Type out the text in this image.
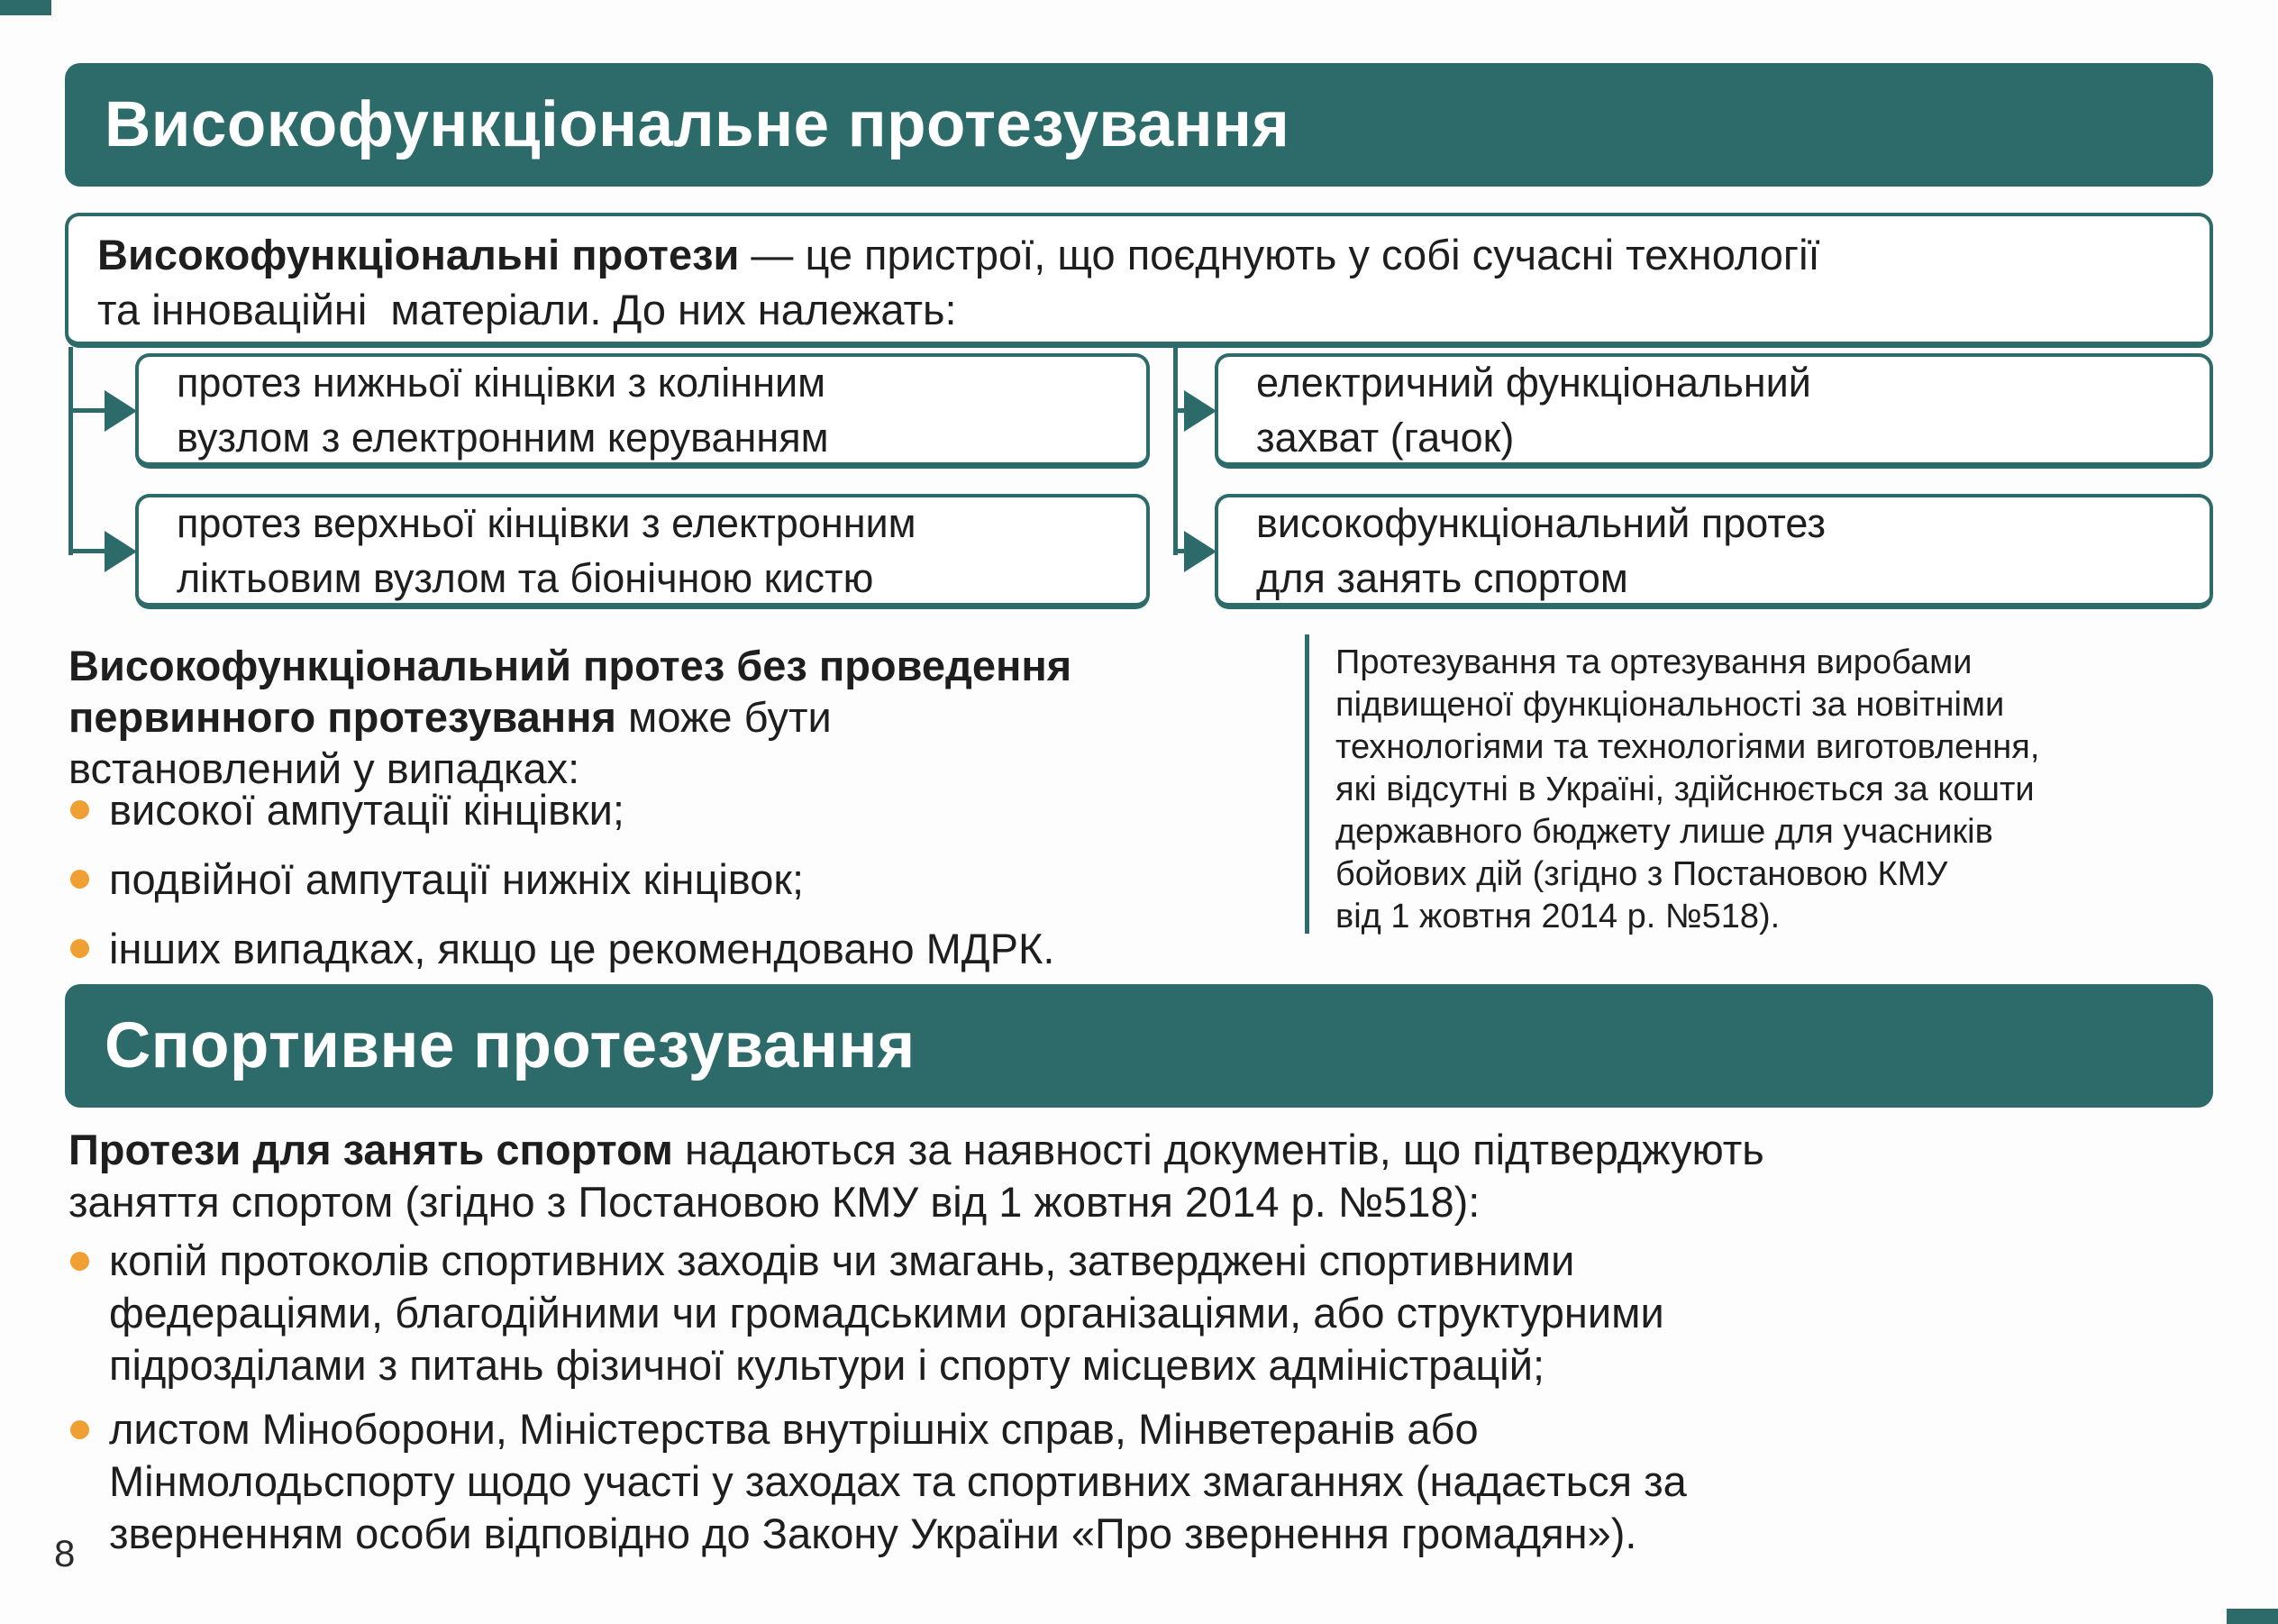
Високофункціональне протезування
Високофункціональні протези — це пристрої, що поєднують у собі сучасні технології
та інноваційні  матеріали. До них належать:
протез нижньої кінцівки з колінним
вузлом з електронним керуванням
протез верхньої кінцівки з електронним
ліктьовим вузлом та біонічною кистю
електричний функціональний
захват (гачок)
високофункціональний протез
для занять спортом
Високофункціональний протез без проведення
первинного протезування може бути
встановлений у випадках:
високої ампутації кінцівки;
подвійної ампутації нижніх кінцівок;
інших випадках, якщо це рекомендовано МДРК.
Протезування та ортезування виробами
підвищеної функціональності за новітніми
технологіями та технологіями виготовлення,
які відсутні в Україні, здійснюється за кошти
державного бюджету лише для учасників
бойових дій (згідно з Постановою КМУ
від 1 жовтня 2014 р. №518).
Спортивне протезування
Протези для занять спортом надаються за наявності документів, що підтверджують
заняття спортом (згідно з Постановою КМУ від 1 жовтня 2014 р. №518):
копій протоколів спортивних заходів чи змагань, затверджені спортивними
федераціями, благодійними чи громадськими організаціями, або структурними
підрозділами з питань фізичної культури і спорту місцевих адміністрацій;
листом Міноборони, Міністерства внутрішніх справ, Мінветеранів або
Мінмолодьспорту щодо участі у заходах та спортивних змаганнях (надається за
зверненням особи відповідно до Закону України «Про звернення громадян»).
8
